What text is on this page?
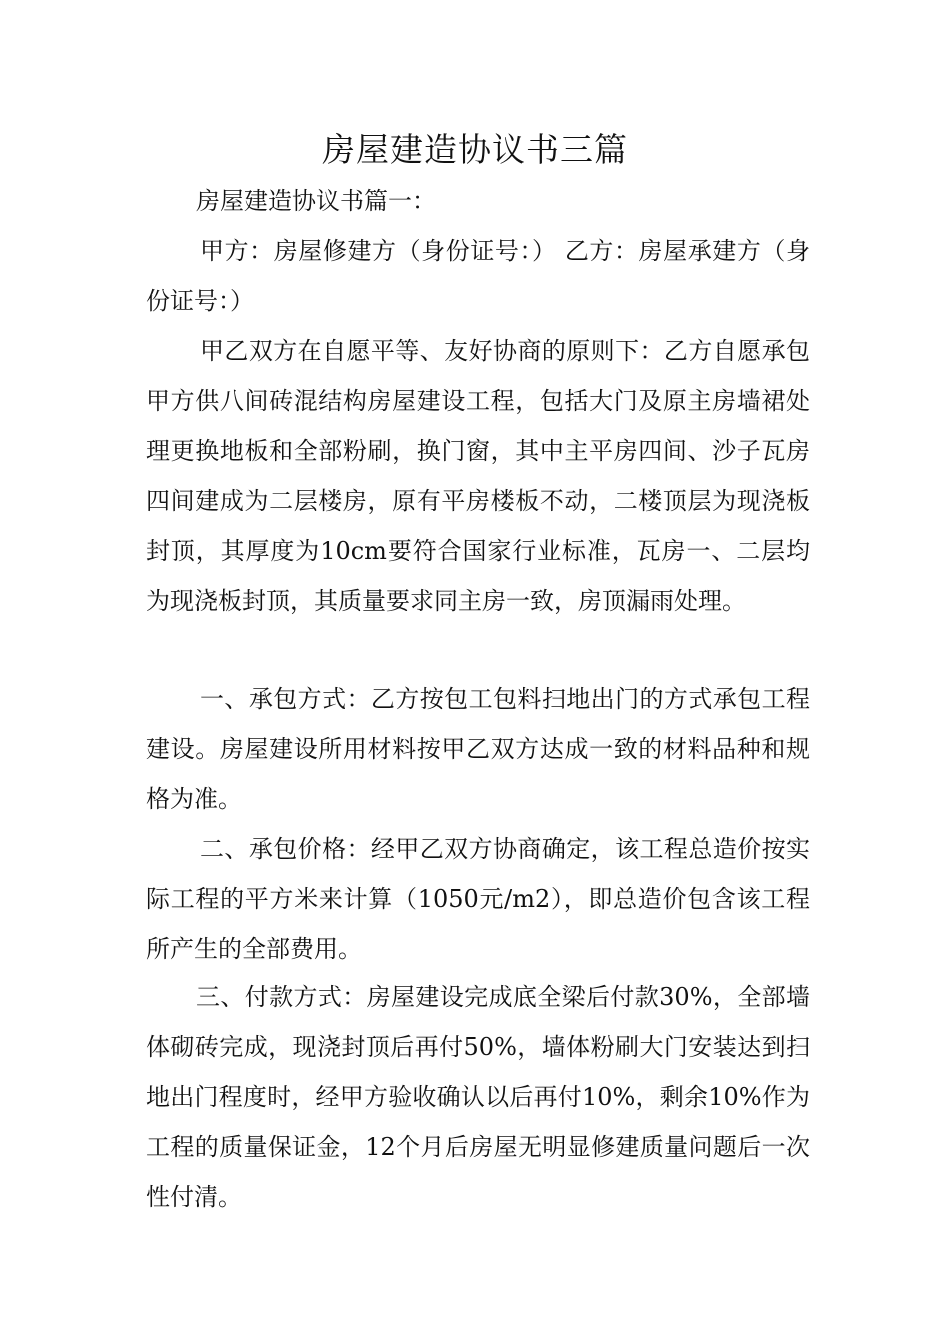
房屋建造协议书三篇

房屋建造协议书篇一：

甲方：房屋修建方（身份证号：） 乙方：房屋承建方（身份证号：）

甲乙双方在自愿平等、友好协商的原则下：乙方自愿承包甲方供八间砖混结构房屋建设工程，包括大门及原主房墙裙处理更换地板和全部粉刷，换门窗，其中主平房四间、沙子瓦房四间建成为二层楼房，原有平房楼板不动，二楼顶层为现浇板封顶，其厚度为10cm要符合国家行业标准，瓦房一、二层均为现浇板封顶，其质量要求同主房一致，房顶漏雨处理。

一、承包方式：乙方按包工包料扫地出门的方式承包工程建设。房屋建设所用材料按甲乙双方达成一致的材料品种和规格为准。

二、承包价格：经甲乙双方协商确定，该工程总造价按实际工程的平方米来计算（1050元/m2），即总造价包含该工程所产生的全部费用。

三、付款方式：房屋建设完成底全梁后付款30%，全部墙体砌砖完成，现浇封顶后再付50%，墙体粉刷大门安装达到扫地出门程度时，经甲方验收确认以后再付10%，剩余10%作为工程的质量保证金，12个月后房屋无明显修建质量问题后一次性付清。
